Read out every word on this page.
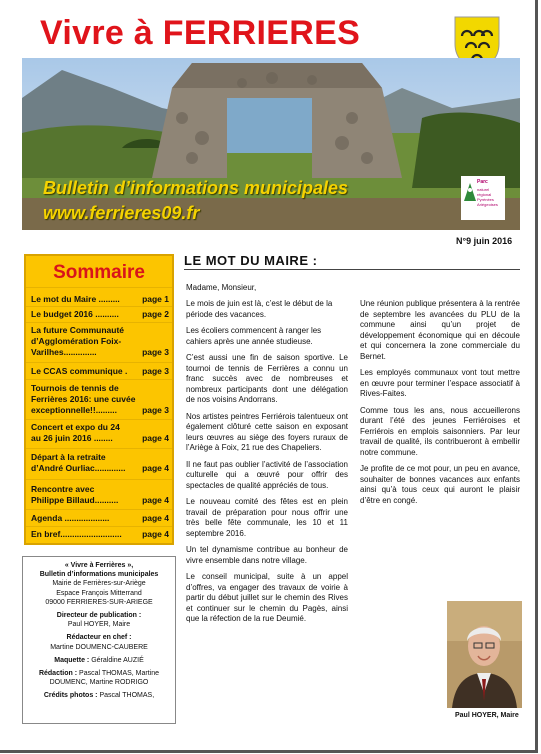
Vivre à FERRIERES
Bulletin d’informations municipales
www.ferrieres09.fr
Parc
naturel
régional
Pyrénées
Ariégeoises
N°9 juin 2016
Sommaire
Le mot du Maire .........	page 1
Le budget 2016 ..........	page 2
La future Communauté d’Agglomération Foix-Varilhes..............	page 3
Le CCAS communique . page 3
Tournois de tennis de Ferrières 2016: une cuvée exceptionnelle!!.........	page 3
Concert et expo du 24 au 26 juin 2016 ........	page 4
Départ à la retraite d’André Ourliac.............	page 4
Rencontre avec Philippe Billaud..........	page 4
Agenda ...................	page 4
En bref.......................... page 4
« Vivre à Ferrières »,
Bulletin d’informations municipales
Mairie de Ferrières-sur-Ariège
Espace François Mitterrand
09000 FERRIERES-SUR-ARIEGE
Directeur de publication :
Paul HOYER, Maire
Rédacteur en chef :
Martine DOUMENC-CAUBERE
Maquette : Géraldine AUZIÉ
Rédaction : Pascal THOMAS, Martine DOUMENC, Martine RODRIGO
Crédits photos : Pascal THOMAS,
LE MOT DU MAIRE :
Madame, Monsieur,

Le mois de juin est là, c’est le début de la période des vacances.

Les écoliers commencent à ranger les cahiers après une année studieuse.

C’est aussi une fin de saison sportive. Le tournoi de tennis de Ferrières a connu un franc succès avec de nombreuses et nombreux participants dont une délégation de nos voisins Andorrans.

Nos artistes peintres Ferriérois talentueux ont également clôturé cette saison en exposant leurs œuvres au siège des foyers ruraux de l’Ariège à Foix, 21 rue des Chapeliers.

Il ne faut pas oublier l’activité de l’association culturelle qui a œuvré pour offrir des spectacles de qualité appréciés de tous.

Le nouveau comité des fêtes est en plein travail de préparation pour nous offrir une très belle fête communale, les 10 et 11 septembre 2016.

Un tel dynamisme contribue au bonheur de vivre ensemble dans notre village.

Le conseil municipal, suite à un appel d’offres, va engager des travaux de voirie à partir du début juillet sur le chemin des Rives et continuer sur le chemin du Pagès, ainsi que la réfection de la rue Deumié.

Une réunion publique présentera à la rentrée de septembre les avancées du PLU de la commune ainsi qu’un projet de développement économique qui en découle et qui concernera la zone commerciale du Bernet.

Les employés communaux vont tout mettre en œuvre pour terminer l’espace associatif à Rives-Faites.

Comme tous les ans, nous accueillerons durant l’été des jeunes Ferriéroises et Ferriérois en emplois saisonniers. Par leur travail de qualité, ils contribueront à embellir notre commune.

Je profite de ce mot pour, un peu en avance, souhaiter de bonnes vacances aux enfants ainsi qu’à tous ceux qui auront le plaisir d’être en congé.

Paul HOYER, Maire
